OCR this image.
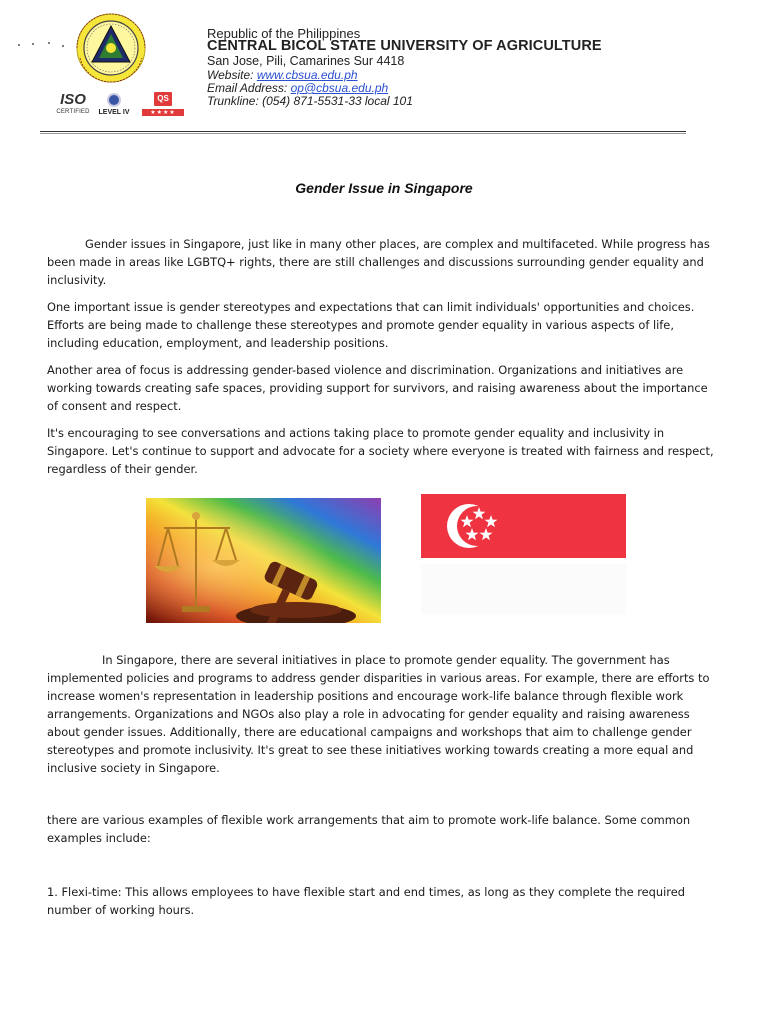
ISO
CERTIFIED	LEVEL IV
QS
★★★★
Republic of the Philippines
CENTRAL BICOL STATE UNIVERSITY OF AGRICULTURE
San Jose, Pili, Camarines Sur 4418
Website: www.cbsua.edu.ph
Email Address: op@cbsua.edu.ph
Trunkline: (054) 871-5531-33 local 101
Gender Issue in Singapore

Gender issues in Singapore, just like in many other places, are complex and multifaceted. While progress has been made in areas like LGBTQ+ rights, there are still challenges and discussions surrounding gender equality and inclusivity.

One important issue is gender stereotypes and expectations that can limit individuals' opportunities and choices. Efforts are being made to challenge these stereotypes and promote gender equality in various aspects of life, including education, employment, and leadership positions.

Another area of focus is addressing gender-based violence and discrimination. Organizations and initiatives are working towards creating safe spaces, providing support for survivors, and raising awareness about the importance of consent and respect.

It's encouraging to see conversations and actions taking place to promote gender equality and inclusivity in Singapore. Let's continue to support and advocate for a society where everyone is treated with fairness and respect, regardless of their gender.

In Singapore, there are several initiatives in place to promote gender equality. The government has implemented policies and programs to address gender disparities in various areas. For example, there are efforts to increase women's representation in leadership positions and encourage work-life balance through flexible work arrangements. Organizations and NGOs also play a role in advocating for gender equality and raising awareness about gender issues. Additionally, there are educational campaigns and workshops that aim to challenge gender stereotypes and promote inclusivity. It's great to see these initiatives working towards creating a more equal and inclusive society in Singapore.

there are various examples of flexible work arrangements that aim to promote work-life balance. Some common examples include:

1. Flexi-time: This allows employees to have flexible start and end times, as long as they complete the required number of working hours.
